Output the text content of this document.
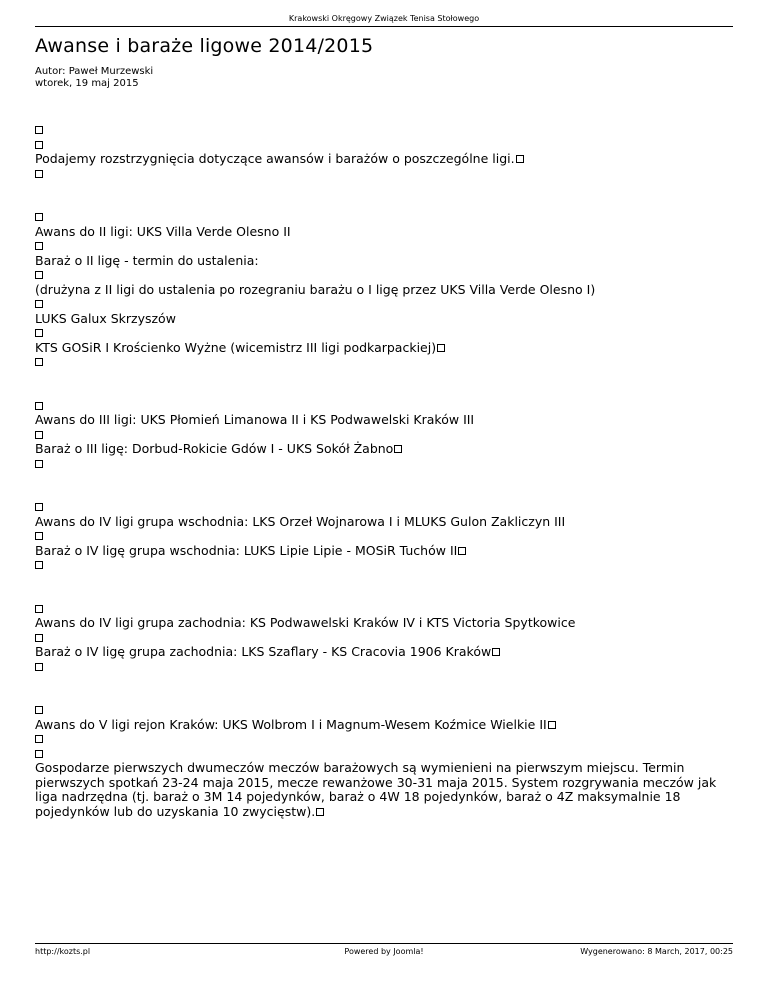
Krakowski Okręgowy Związek Tenisa Stołowego
Awanse i baraże ligowe 2014/2015
Autor: Paweł Murzewski
wtorek, 19 maj 2015

Podajemy rozstrzygnięcia dotyczące awansów i barażów o poszczególne ligi.

Awans do II ligi: UKS Villa Verde Olesno II

Baraż o II ligę - termin do ustalenia:

(drużyna z II ligi do ustalenia po rozegraniu barażu o I ligę przez UKS Villa Verde Olesno I)

LUKS Galux Skrzyszów

KTS GOSiR I Krościenko Wyżne (wicemistrz III ligi podkarpackiej)

Awans do III ligi: UKS Płomień Limanowa II i KS Podwawelski Kraków III

Baraż o III ligę: Dorbud-Rokicie Gdów I - UKS Sokół Żabno

Awans do IV ligi grupa wschodnia: LKS Orzeł Wojnarowa I i MLUKS Gulon Zakliczyn III

Baraż o IV ligę grupa wschodnia: LUKS Lipie Lipie - MOSiR Tuchów II

Awans do IV ligi grupa zachodnia: KS Podwawelski Kraków IV i KTS Victoria Spytkowice

Baraż o IV ligę grupa zachodnia: LKS Szaflary - KS Cracovia 1906 Kraków

Awans do V ligi rejon Kraków: UKS Wolbrom I i Magnum-Wesem Koźmice Wielkie II

Gospodarze pierwszych dwumeczów meczów barażowych są wymienieni na pierwszym miejscu. Termin pierwszych spotkań 23-24 maja 2015, mecze rewanżowe 30-31 maja 2015. System rozgrywania meczów jak liga nadrzędna (tj. baraż o 3M 14 pojedynków, baraż o 4W 18 pojedynków, baraż o 4Z maksymalnie 18 pojedynków lub do uzyskania 10 zwycięstw).

http://kozts.pl	Powered by Joomla!	Wygenerowano: 8 March, 2017, 00:25
